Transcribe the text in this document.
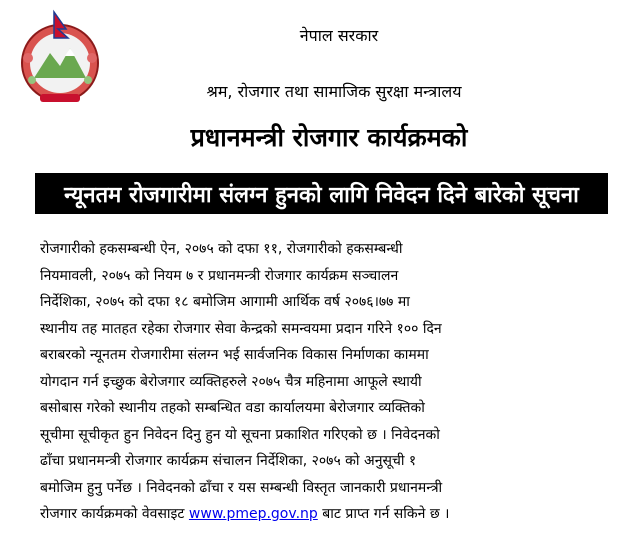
नेपाल सरकार
श्रम, रोजगार तथा सामाजिक सुरक्षा मन्त्रालय
प्रधानमन्त्री रोजगार कार्यक्रमको
न्यूनतम रोजगारीमा संलग्न हुनको लागि निवेदन दिने बारेको सूचना
रोजगारीको हकसम्बन्धी ऐन, २०७५ को दफा ११, रोजगारीको हकसम्बन्धी
नियमावली, २०७५ को नियम ७ र प्रधानमन्त्री रोजगार कार्यक्रम सञ्चालन
निर्देशिका, २०७५ को दफा १८ बमोजिम आगामी आर्थिक वर्ष २०७६।७७ मा
स्थानीय तह मातहत रहेका रोजगार सेवा केन्द्रको समन्वयमा प्रदान गरिने १०० दिन
बराबरको न्यूनतम रोजगारीमा संलग्न भई सार्वजनिक विकास निर्माणका काममा
योगदान गर्न इच्छुक बेरोजगार व्यक्तिहरुले २०७५ चैत्र महिनामा आफूले स्थायी
बसोबास गरेको स्थानीय तहको सम्बन्धित वडा कार्यालयमा बेरोजगार व्यक्तिको
सूचीमा सूचीकृत हुन निवेदन दिनु हुन यो सूचना प्रकाशित गरिएको छ । निवेदनको
ढाँचा प्रधानमन्त्री रोजगार कार्यक्रम संचालन निर्देशिका, २०७५ को अनुसूची १
बमोजिम हुनु पर्नेछ । निवेदनको ढाँचा र यस सम्बन्धी विस्तृत जानकारी प्रधानमन्त्री
रोजगार कार्यक्रमको वेवसाइट www.pmep.gov.np बाट प्राप्त गर्न सकिने छ ।
